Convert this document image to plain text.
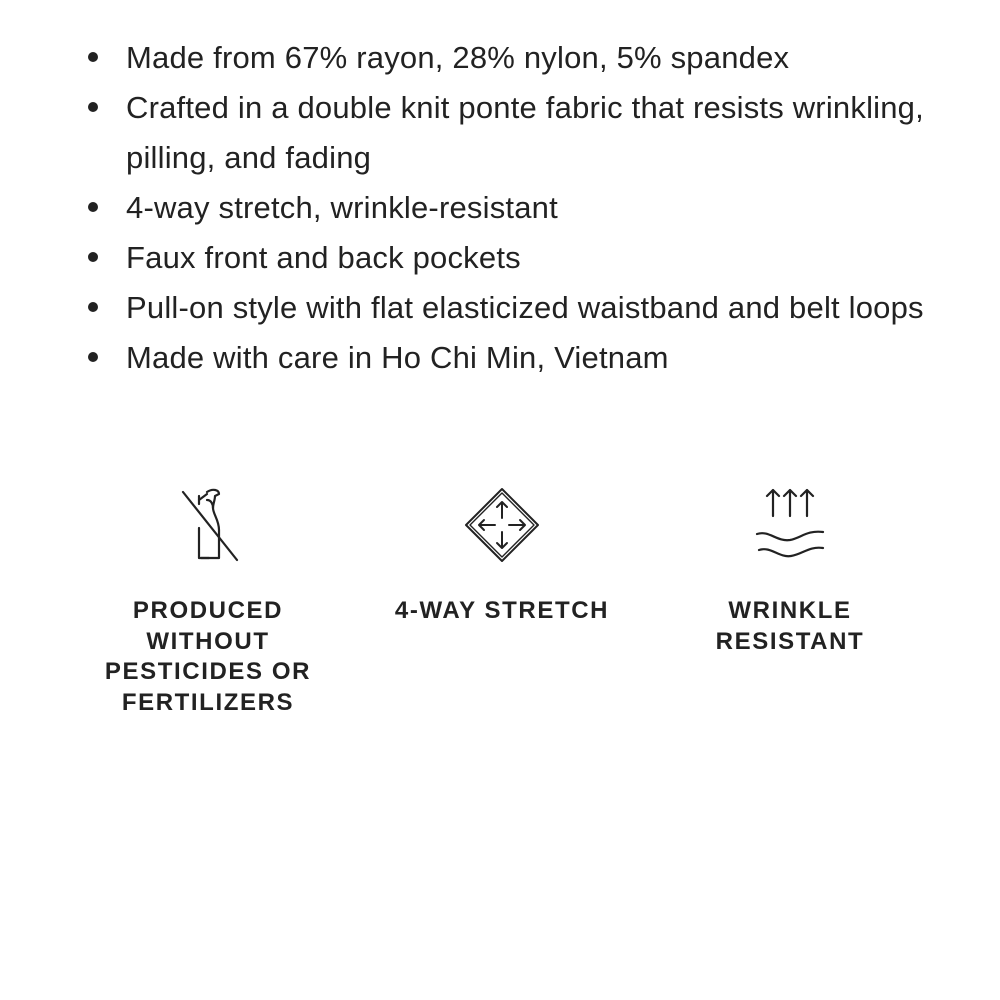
Made from 67% rayon, 28% nylon, 5% spandex
Crafted in a double knit ponte fabric that resists wrinkling, pilling, and fading
4-way stretch, wrinkle-resistant
Faux front and back pockets
Pull-on style with flat elasticized waistband and belt loops
Made with care in Ho Chi Min, Vietnam
PRODUCED
WITHOUT
PESTICIDES OR
FERTILIZERS
4-WAY STRETCH	WRINKLE
RESISTANT
